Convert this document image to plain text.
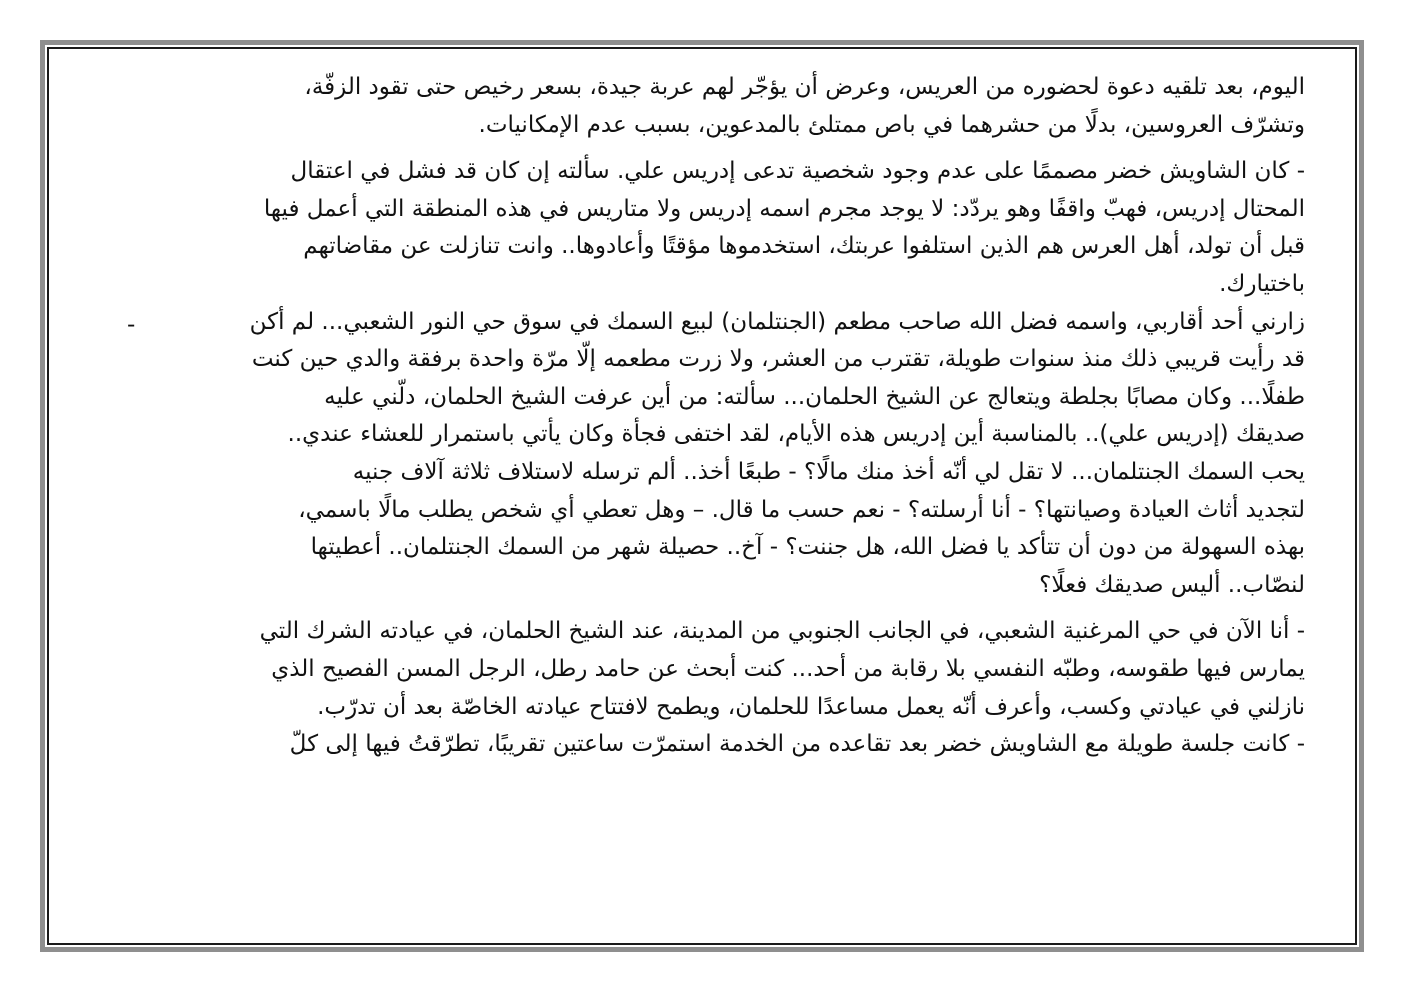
اليوم، بعد تلقيه دعوة لحضوره من العريس، وعرض أن يؤجّر لهم عربة جيدة، بسعر رخيص حتى تقود الزفّة،
وتشرّف العروسين، بدلًا من حشرهما في باص ممتلئ بالمدعوين، بسبب عدم الإمكانيات.
- كان الشاويش خضر مصممًا على عدم وجود شخصية تدعى إدريس علي. سألته إن كان قد فشل في اعتقال
المحتال إدريس، فهبّ واقفًا وهو يردّد: لا يوجد مجرم اسمه إدريس ولا متاريس في هذه المنطقة التي أعمل فيها
قبل أن تولد، أهل العرس هم الذين استلفوا عربتك، استخدموها مؤقتًا وأعادوها.. وانت تنازلت عن مقاضاتهم
باختيارك.
زارني أحد أقاربي، واسمه فضل الله صاحب مطعم (الجنتلمان) لبيع السمك في سوق حي النور الشعبي... لم أكن
قد رأيت قريبي ذلك منذ سنوات طويلة، تقترب من العشر، ولا زرت مطعمه إلّا مرّة واحدة برفقة والدي حين كنت
طفلًا... وكان مصابًا بجلطة ويتعالج عن الشيخ الحلمان... سألته: من أين عرفت الشيخ الحلمان، دلّني عليه
صديقك (إدريس علي).. بالمناسبة أين إدريس هذه الأيام، لقد اختفى فجأة وكان يأتي باستمرار للعشاء عندي..
يحب السمك الجنتلمان... لا تقل لي أنّه أخذ منك مالًا؟ - طبعًا أخذ.. ألم ترسله لاستلاف ثلاثة آلاف جنيه
لتجديد أثاث العيادة وصيانتها؟ - أنا أرسلته؟ - نعم حسب ما قال. – وهل تعطي أي شخص يطلب مالًا باسمي،
بهذه السهولة من دون أن تتأكد يا فضل الله، هل جننت؟ - آخ.. حصيلة شهر من السمك الجنتلمان.. أعطيتها
لنصّاب.. أليس صديقك فعلًا؟
- أنا الآن في حي المرغنية الشعبي، في الجانب الجنوبي من المدينة، عند الشيخ الحلمان، في عيادته الشرك التي
يمارس فيها طقوسه، وطبّه النفسي بلا رقابة من أحد... كنت أبحث عن حامد رطل، الرجل المسن الفصيح الذي
نازلني في عيادتي وكسب، وأعرف أنّه يعمل مساعدًا للحلمان، ويطمح لافتتاح عيادته الخاصّة بعد أن تدرّب.
- كانت جلسة طويلة مع الشاويش خضر بعد تقاعده من الخدمة استمرّت ساعتين تقريبًا، تطرّقتُ فيها إلى كلّ
-
